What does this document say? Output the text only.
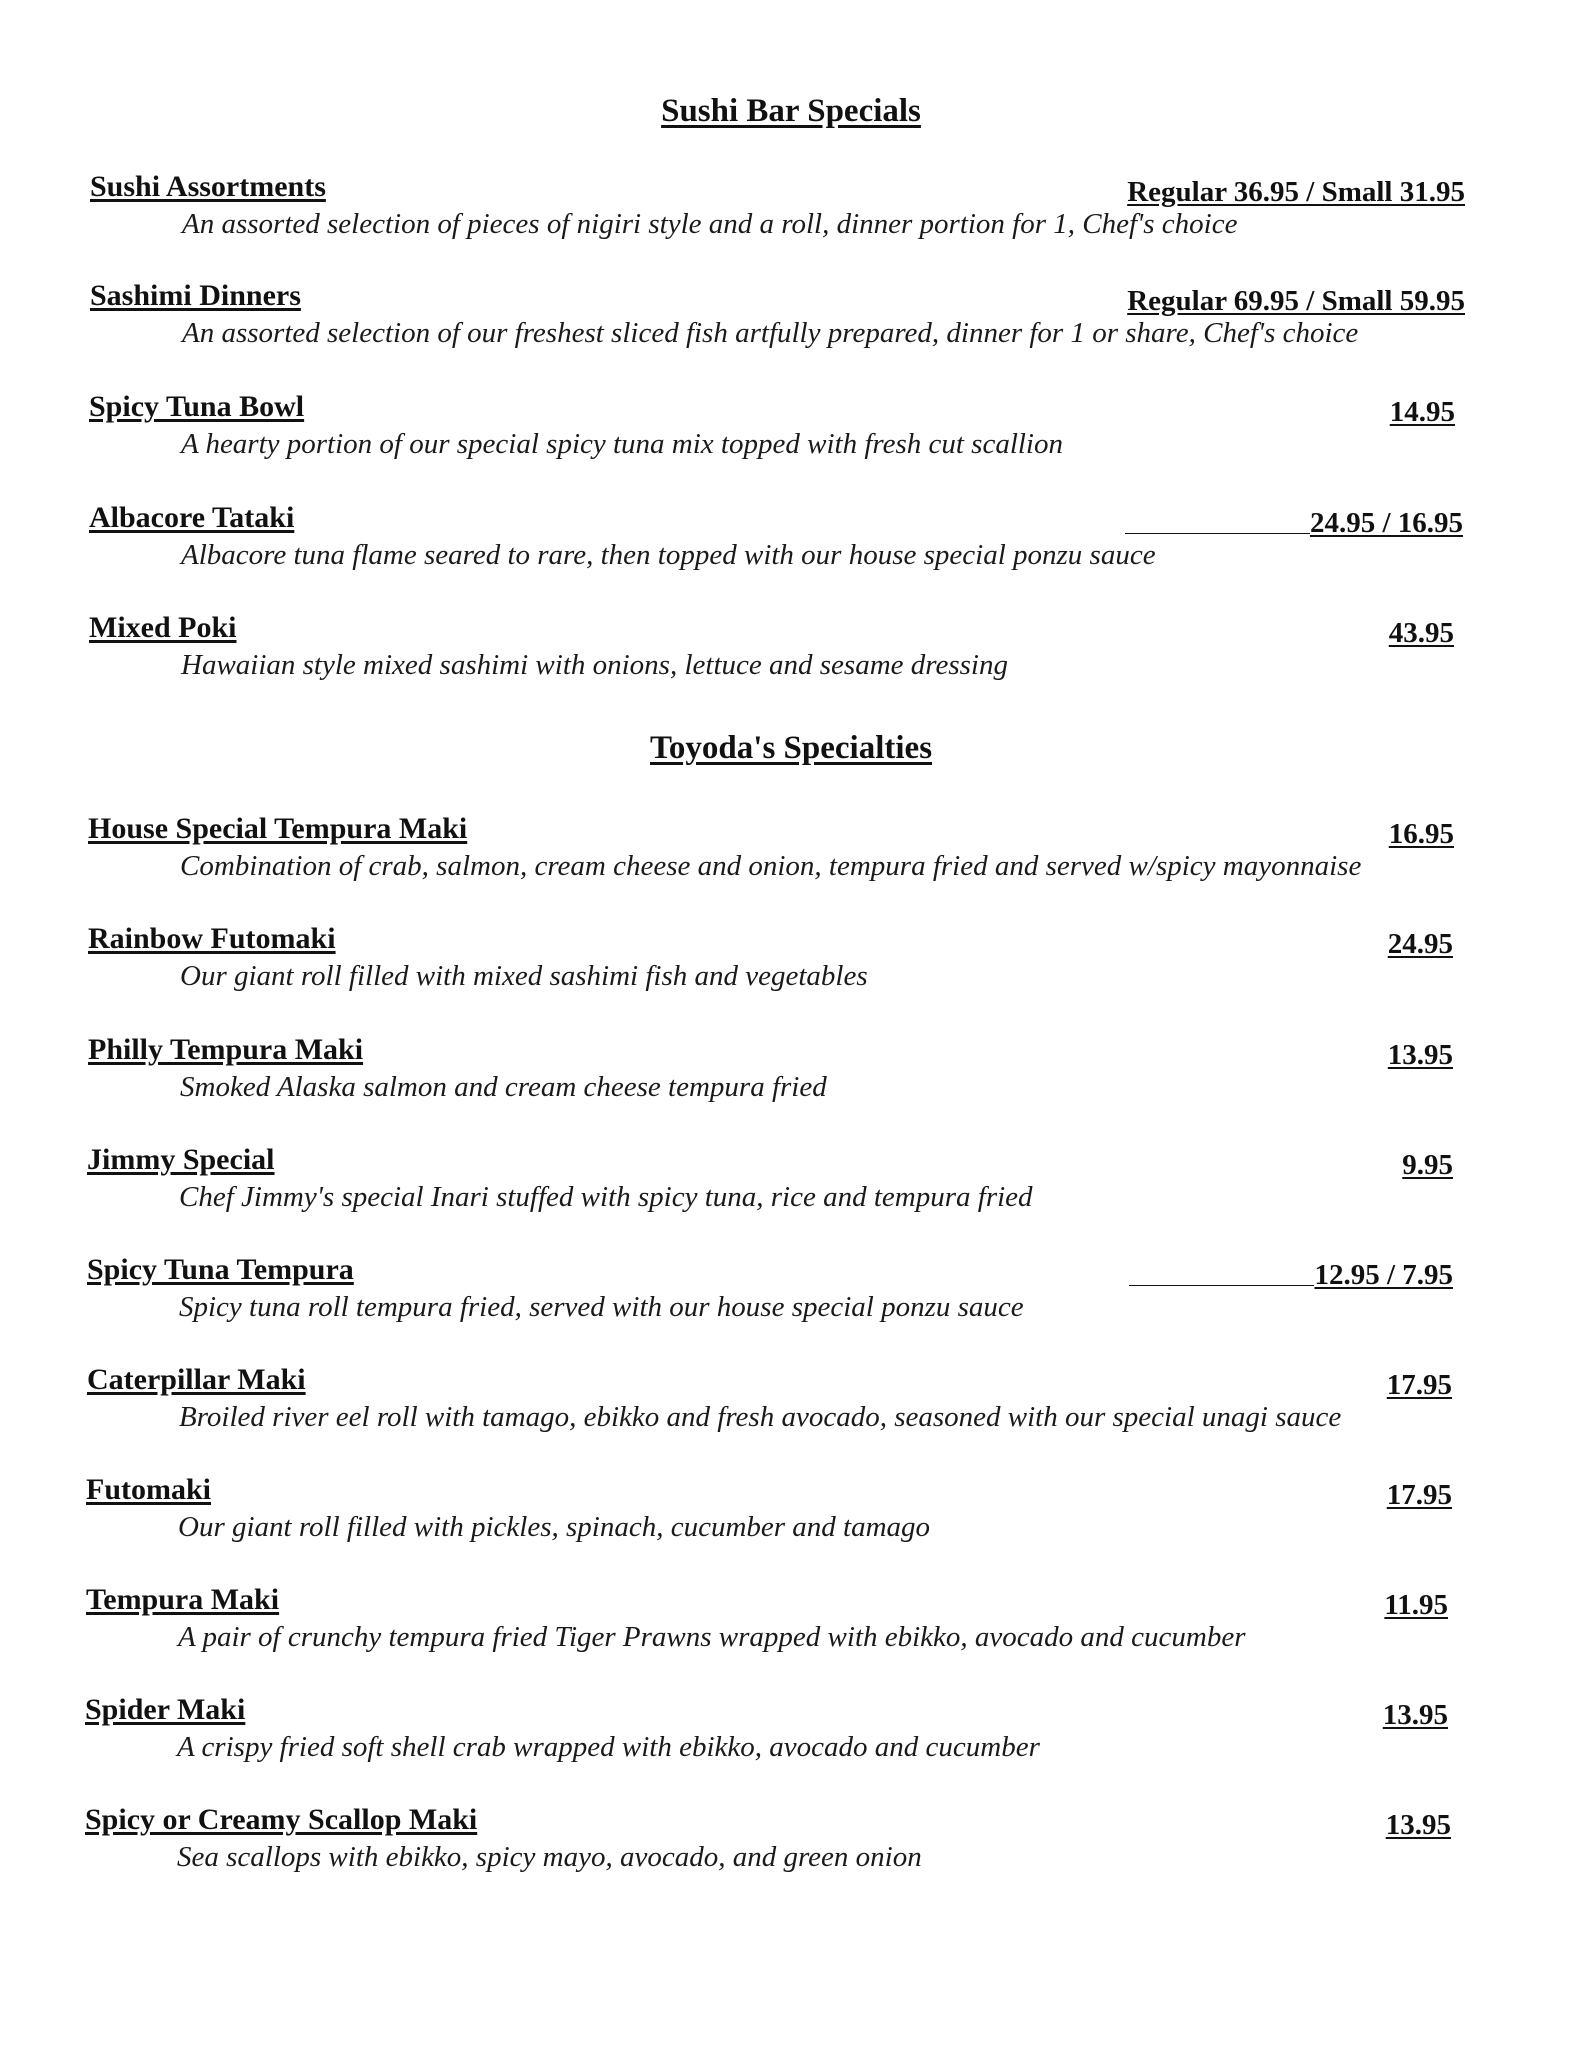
Sushi Bar Specials
Sushi Assortments	Regular 36.95 / Small 31.95
An assorted selection of pieces of nigiri style and a roll, dinner portion for 1, Chef's choice
Sashimi Dinners	Regular 69.95 / Small 59.95
An assorted selection of our freshest sliced fish artfully prepared, dinner for 1 or share, Chef's choice
Spicy Tuna Bowl	14.95
A hearty portion of our special spicy tuna mix topped with fresh cut scallion
Albacore Tataki	24.95 / 16.95
Albacore tuna flame seared to rare, then topped with our house special ponzu sauce
Mixed Poki	43.95
Hawaiian style mixed sashimi with onions, lettuce and sesame dressing
Toyoda's Specialties
House Special Tempura Maki	16.95
Combination of crab, salmon, cream cheese and onion, tempura fried and served w/spicy mayonnaise
Rainbow Futomaki	24.95
Our giant roll filled with mixed sashimi fish and vegetables
Philly Tempura Maki	13.95
Smoked Alaska salmon and cream cheese tempura fried
Jimmy Special	9.95
Chef Jimmy's special Inari stuffed with spicy tuna, rice and tempura fried
Spicy Tuna Tempura	12.95 / 7.95
Spicy tuna roll tempura fried, served with our house special ponzu sauce
Caterpillar Maki	17.95
Broiled river eel roll with tamago, ebikko and fresh avocado, seasoned with our special unagi sauce
Futomaki	17.95
Our giant roll filled with pickles, spinach, cucumber and tamago
Tempura Maki	11.95
A pair of crunchy tempura fried Tiger Prawns wrapped with ebikko, avocado and cucumber
Spider Maki	13.95
A crispy fried soft shell crab wrapped with ebikko, avocado and cucumber
Spicy or Creamy Scallop Maki	13.95
Sea scallops with ebikko, spicy mayo, avocado, and green onion
